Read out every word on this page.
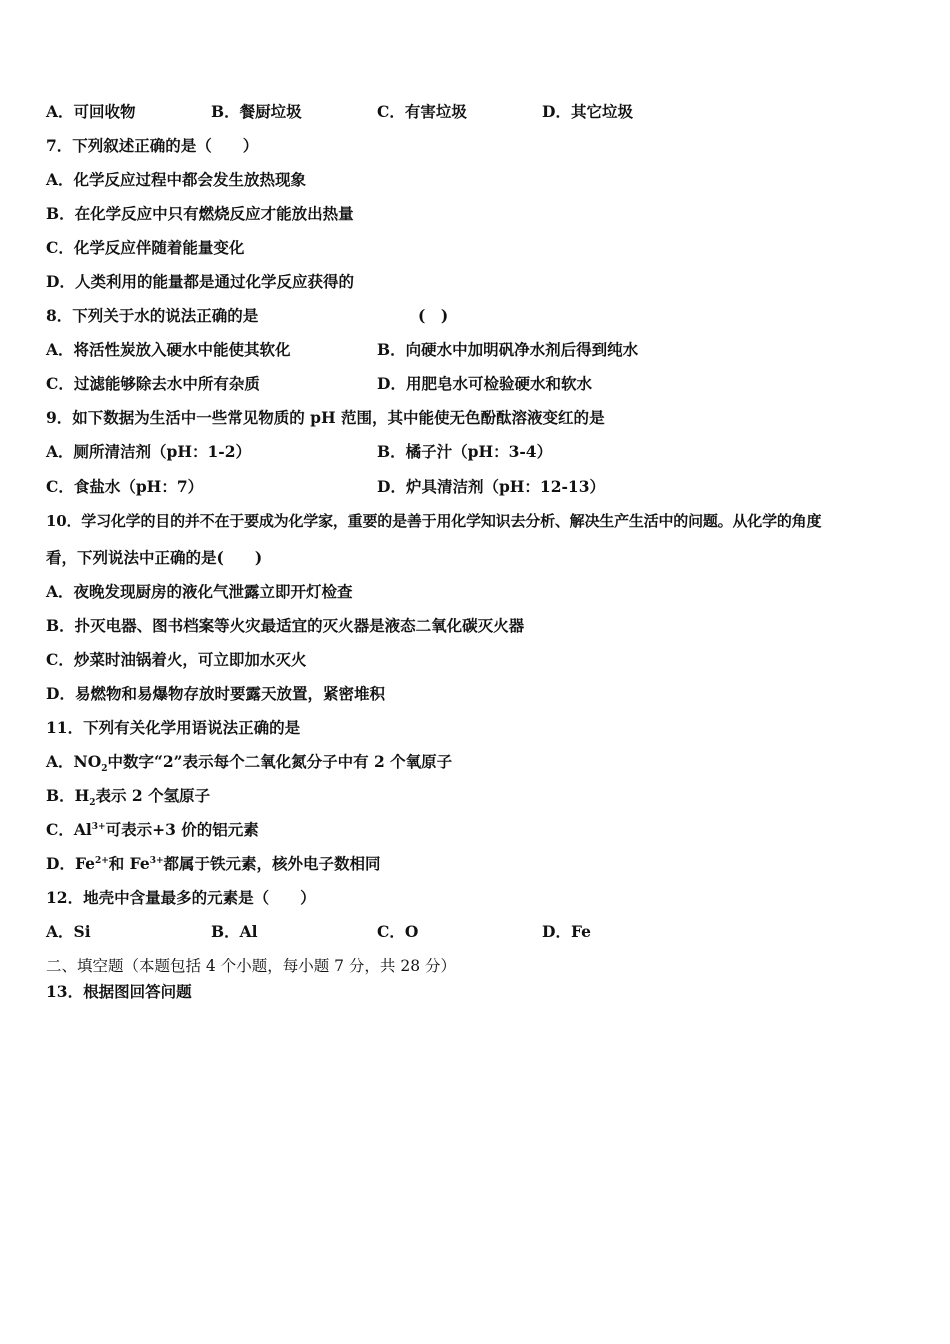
A．可回收物	B．餐厨垃圾	C．有害垃圾	D．其它垃圾
7．下列叙述正确的是（　　）
A．化学反应过程中都会发生放热现象
B．在化学反应中只有燃烧反应才能放出热量
C．化学反应伴随着能量变化
D．人类利用的能量都是通过化学反应获得的
8．下列关于水的说法正确的是	(　)
A．将活性炭放入硬水中能使其软化	B．向硬水中加明矾净水剂后得到纯水
C．过滤能够除去水中所有杂质	D．用肥皂水可检验硬水和软水
9．如下数据为生活中一些常见物质的 pH 范围，其中能使无色酚酞溶液变红的是
A．厕所清洁剂（pH：1-2）	B．橘子汁（pH：3-4）
C．食盐水（pH：7）	D．炉具清洁剂（pH：12-13）
10．学习化学的目的并不在于要成为化学家，重要的是善于用化学知识去分析、解决生产生活中的问题。从化学的角度
看，下列说法中正确的是(　　)
A．夜晚发现厨房的液化气泄露立即开灯检查
B．扑灭电器、图书档案等火灾最适宜的灭火器是液态二氧化碳灭火器
C．炒菜时油锅着火，可立即加水灭火
D．易燃物和易爆物存放时要露天放置，紧密堆积
11．下列有关化学用语说法正确的是
A．$NO_2$中数字“2”表示每个二氧化氮分子中有 2 个氧原子
B．$H_2$表示 2 个氢原子
C．$Al^{3+}$可表示+3 价的铝元素
D．$Fe^{2+}$和 $Fe^{3+}$都属于铁元素，核外电子数相同
12．地壳中含量最多的元素是（　　）
A．Si	B．Al	C．O	D．Fe
二、填空题（本题包括 4 个小题，每小题 7 分，共 28 分）
13．根据图回答问题
